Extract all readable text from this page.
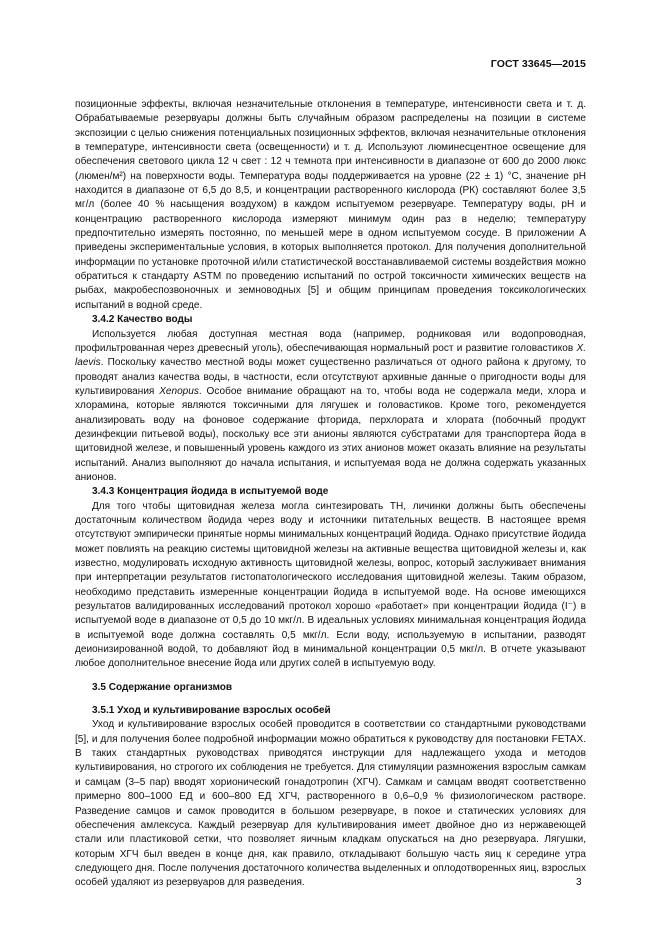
ГОСТ 33645—2015

позиционные эффекты, включая незначительные отклонения в температуре, интенсивности света и т. д. Обрабатываемые резервуары должны быть случайным образом распределены на позиции в системе экспозиции с целью снижения потенциальных позиционных эффектов, включая незначительные отклонения в температуре, интенсивности света (освещенности) и т. д. Используют люминесцентное освещение для обеспечения светового цикла 12 ч свет : 12 ч темнота при интенсивности в диапазоне от 600 до 2000 люкс (люмен/м²) на поверхности воды. Температура воды поддерживается на уровне (22 ± 1) °С, значение рН находится в диапазоне от 6,5 до 8,5, и концентрации растворенного кислорода (РК) составляют более 3,5 мг/л (более 40 % насыщения воздухом) в каждом испытуемом резервуаре. Температуру воды, рН и концентрацию растворенного кислорода измеряют минимум один раз в неделю; температуру предпочтительно измерять постоянно, по меньшей мере в одном испытуемом сосуде. В приложении А приведены экспериментальные условия, в которых выполняется протокол. Для получения дополнительной информации по установке проточной и/или статистической восстанавливаемой системы воздействия можно обратиться к стандарту ASTM по проведению испытаний по острой токсичности химических веществ на рыбах, макробеспозвоночных и земноводных [5] и общим принципам проведения токсикологических испытаний в водной среде.

3.4.2 Качество воды

Используется любая доступная местная вода (например, родниковая или водопроводная, профильтрованная через древесный уголь), обеспечивающая нормальный рост и развитие головастиков X. laevis. Поскольку качество местной воды может существенно различаться от одного района к другому, то проводят анализ качества воды, в частности, если отсутствуют архивные данные о пригодности воды для культивирования Xenopus. Особое внимание обращают на то, чтобы вода не содержала меди, хлора и хлорамина, которые являются токсичными для лягушек и головастиков. Кроме того, рекомендуется анализировать воду на фоновое содержание фторида, перхлората и хлората (побочный продукт дезинфекции питьевой воды), поскольку все эти анионы являются субстратами для транспортера йода в щитовидной железе, и повышенный уровень каждого из этих анионов может оказать влияние на результаты испытаний. Анализ выполняют до начала испытания, и испытуемая вода не должна содержать указанных анионов.

3.4.3 Концентрация йодида в испытуемой воде

Для того чтобы щитовидная железа могла синтезировать ТН, личинки должны быть обеспечены достаточным количеством йодида через воду и источники питательных веществ. В настоящее время отсутствуют эмпирически принятые нормы минимальных концентраций йодида. Однако присутствие йодида может повлиять на реакцию системы щитовидной железы на активные вещества щитовидной железы и, как известно, модулировать исходную активность щитовидной железы, вопрос, который заслуживает внимания при интерпретации результатов гистопатологического исследования щитовидной железы. Таким образом, необходимо представить измеренные концентрации йодида в испытуемой воде. На основе имеющихся результатов валидированных исследований протокол хорошо «работает» при концентрации йодида (I⁻) в испытуемой воде в диапазоне от 0,5 до 10 мкг/л. В идеальных условиях минимальная концентрация йодида в испытуемой воде должна составлять 0,5 мкг/л. Если воду, используемую в испытании, разводят деионизированной водой, то добавляют йод в минимальной концентрации 0,5 мкг/л. В отчете указывают любое дополнительное внесение йода или других солей в испытуемую воду.

3.5 Содержание организмов

3.5.1 Уход и культивирование взрослых особей

Уход и культивирование взрослых особей проводится в соответствии со стандартными руководствами [5], и для получения более подробной информации можно обратиться к руководству для постановки FETAX. В таких стандартных руководствах приводятся инструкции для надлежащего ухода и методов культивирования, но строгого их соблюдения не требуется. Для стимуляции размножения взрослым самкам и самцам (3–5 пар) вводят хорионический гонадотропин (ХГЧ). Самкам и самцам вводят соответственно примерно 800–1000 ЕД и 600–800 ЕД ХГЧ, растворенного в 0,6–0,9 % физиологическом растворе. Разведение самцов и самок проводится в большом резервуаре, в покое и статических условиях для обеспечения амлексуса. Каждый резервуар для культивирования имеет двойное дно из нержавеющей стали или пластиковой сетки, что позволяет яичным кладкам опускаться на дно резервуара. Лягушки, которым ХГЧ был введен в конце дня, как правило, откладывают большую часть яиц к середине утра следующего дня. После получения достаточного количества выделенных и оплодотворенных яиц, взрослых особей удаляют из резервуаров для разведения.	3
